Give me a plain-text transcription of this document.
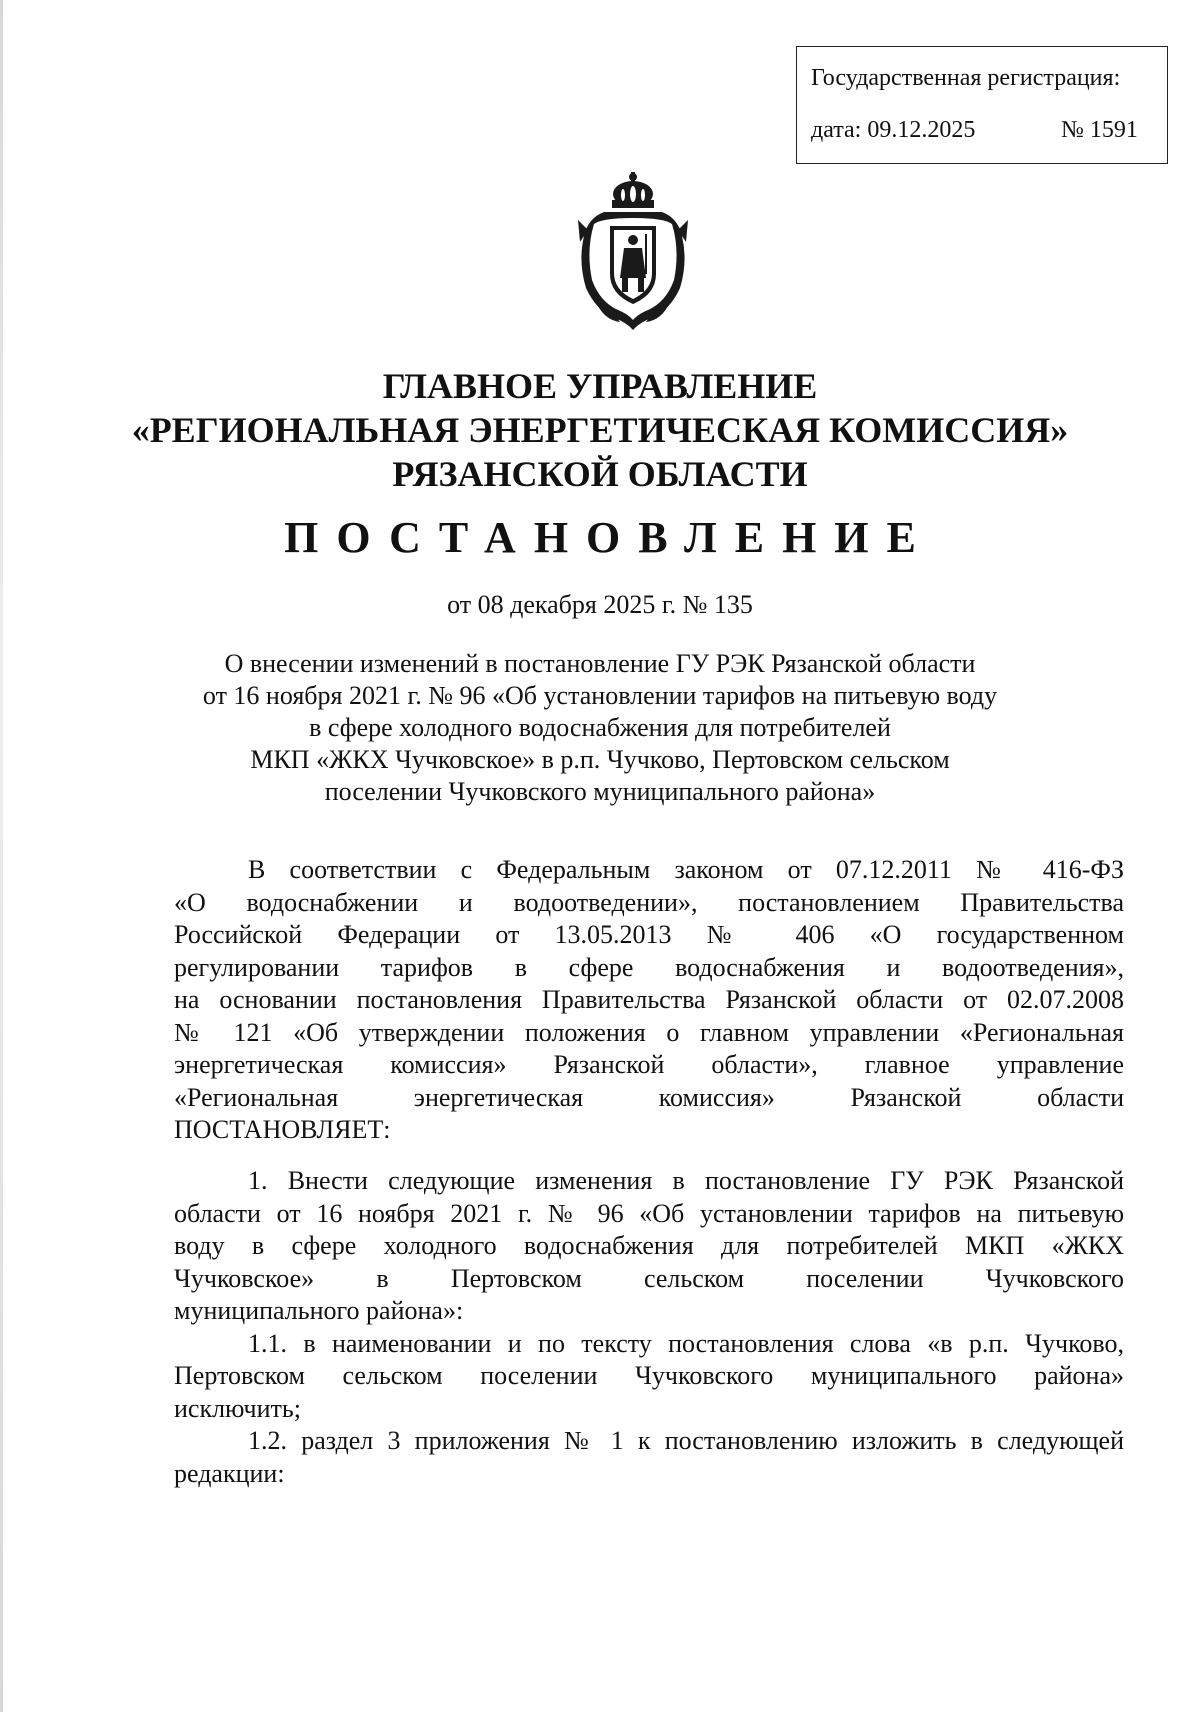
Государственная регистрация:
дата: 09.12.2025	№ 1591
ГЛАВНОЕ УПРАВЛЕНИЕ
«РЕГИОНАЛЬНАЯ ЭНЕРГЕТИЧЕСКАЯ КОМИССИЯ»
РЯЗАНСКОЙ ОБЛАСТИ
ПОСТАНОВЛЕНИЕ
от 08 декабря 2025 г. № 135
О внесении изменений в постановление ГУ РЭК Рязанской области
от 16 ноября 2021 г. № 96 «Об установлении тарифов на питьевую воду
в сфере холодного водоснабжения для потребителей
МКП «ЖКХ Чучковское» в р.п. Чучково, Пертовском сельском
поселении Чучковского муниципального района»
В соответствии с Федеральным законом от 07.12.2011 № 416-ФЗ
«О водоснабжении и водоотведении», постановлением Правительства
Российской Федерации от 13.05.2013 № 406 «О государственном
регулировании тарифов в сфере водоснабжения и водоотведения»,
на основании постановления Правительства Рязанской области от 02.07.2008
№ 121 «Об утверждении положения о главном управлении «Региональная
энергетическая комиссия» Рязанской области», главное управление
«Региональная энергетическая комиссия» Рязанской области
ПОСТАНОВЛЯЕТ:
1. Внести следующие изменения в постановление ГУ РЭК Рязанской
области от 16 ноября 2021 г. № 96 «Об установлении тарифов на питьевую
воду в сфере холодного водоснабжения для потребителей МКП «ЖКХ
Чучковское» в Пертовском сельском поселении Чучковского
муниципального района»:
1.1. в наименовании и по тексту постановления слова «в р.п. Чучково,
Пертовском сельском поселении Чучковского муниципального района»
исключить;
1.2. раздел 3 приложения № 1 к постановлению изложить в следующей
редакции:
